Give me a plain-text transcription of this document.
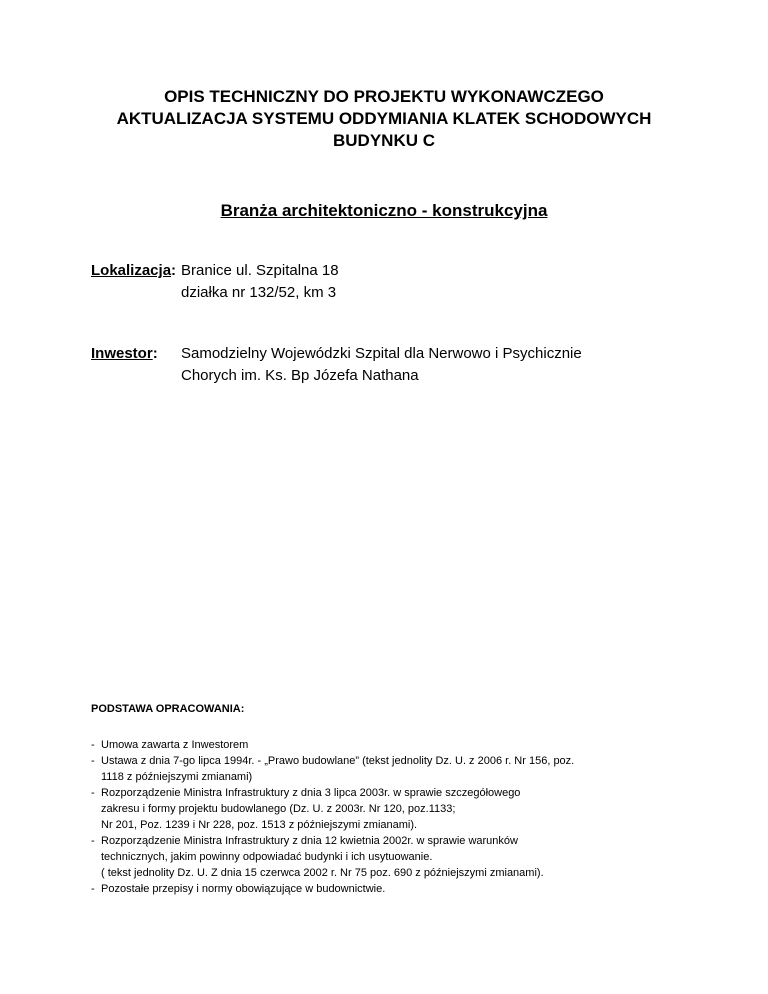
OPIS TECHNICZNY DO PROJEKTU WYKONAWCZEGO
AKTUALIZACJA SYSTEMU ODDYMIANIA KLATEK SCHODOWYCH
BUDYNKU C
Branża architektoniczno - konstrukcyjna
Lokalizacja: Branice ul. Szpitalna 18
działka nr 132/52, km 3
Inwestor: Samodzielny Wojewódzki Szpital dla Nerwowo i Psychicznie
Chorych im. Ks. Bp Józefa Nathana
PODSTAWA OPRACOWANIA:
- Umowa zawarta z Inwestorem
- Ustawa z dnia 7-go lipca 1994r. - „Prawo budowlane” (tekst jednolity Dz. U. z 2006 r. Nr 156, poz.
1118 z późniejszymi zmianami)
- Rozporządzenie Ministra Infrastruktury z dnia 3 lipca 2003r. w sprawie szczegółowego
zakresu i formy projektu budowlanego (Dz. U. z 2003r. Nr 120, poz.1133;
Nr 201, Poz. 1239 i Nr 228, poz. 1513 z późniejszymi zmianami).
- Rozporządzenie Ministra Infrastruktury z dnia 12 kwietnia 2002r. w sprawie warunków
technicznych, jakim powinny odpowiadać budynki i ich usytuowanie.
( tekst jednolity Dz. U. Z dnia 15 czerwca 2002 r. Nr 75 poz. 690 z późniejszymi zmianami).
- Pozostałe przepisy i normy obowiązujące w budownictwie.
